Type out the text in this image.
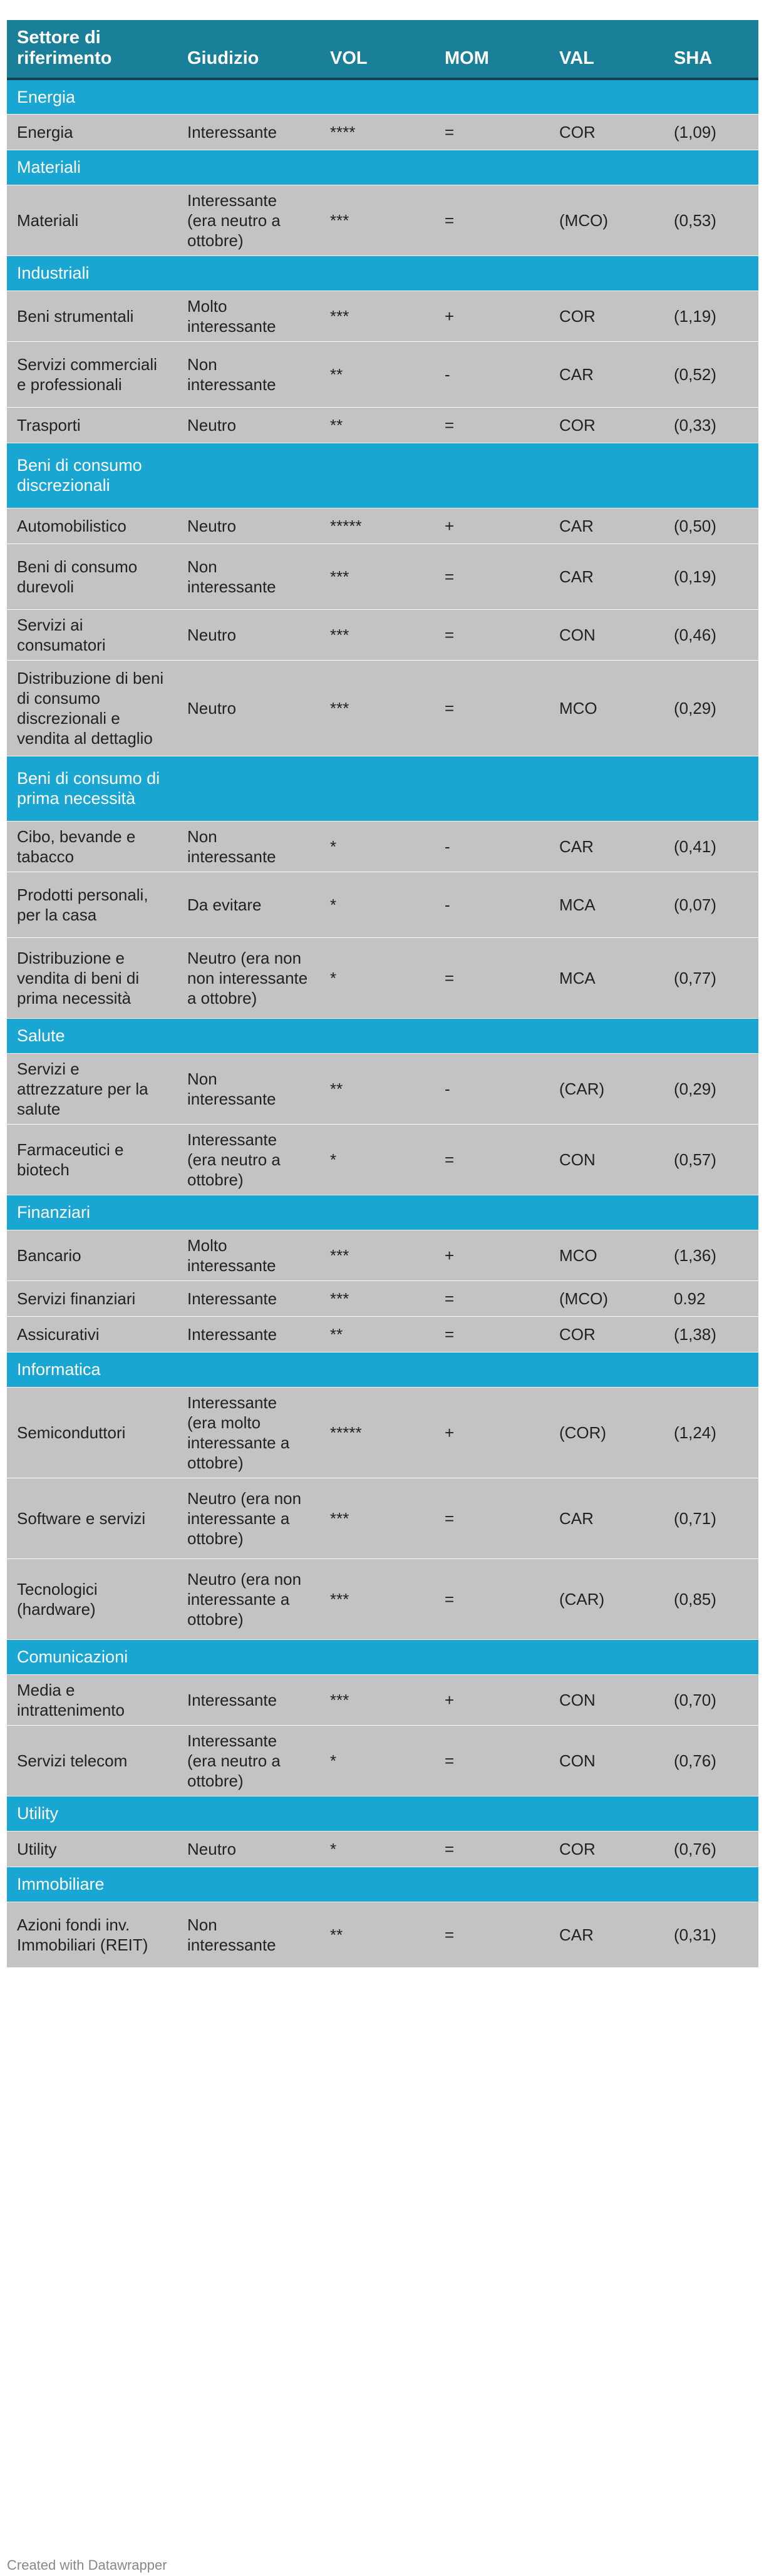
Settore di riferimento	Giudizio	VOL	MOM	VAL	SHA
Energia					
Energia	Interessante	****	=	COR	(1,09)
Materiali					
Materiali	Interessante (era neutro a ottobre)	***	=	(MCO)	(0,53)
Industriali					
Beni strumentali	Molto interessante	***	+	COR	(1,19)
Servizi commerciali e professionali	Non interessante	**	-	CAR	(0,52)
Trasporti	Neutro	**	=	COR	(0,33)
Beni di consumo discrezionali					
Automobilistico	Neutro	*****	+	CAR	(0,50)
Beni di consumo durevoli	Non interessante	***	=	CAR	(0,19)
Servizi ai consumatori	Neutro	***	=	CON	(0,46)
Distribuzione di beni di consumo discrezionali e vendita al dettaglio	Neutro	***	=	MCO	(0,29)
Beni di consumo di prima necessità					
Cibo, bevande e tabacco	Non interessante	*	-	CAR	(0,41)
Prodotti personali, per la casa	Da evitare	*	-	MCA	(0,07)
Distribuzione e vendita di beni di prima necessità	Neutro (era non non interessante a ottobre)	*	=	MCA	(0,77)
Salute					
Servizi e attrezzature per la salute	Non interessante	**	-	(CAR)	(0,29)
Farmaceutici e biotech	Interessante (era neutro a ottobre)	*	=	CON	(0,57)
Finanziari					
Bancario	Molto interessante	***	+	MCO	(1,36)
Servizi finanziari	Interessante	***	=	(MCO)	0.92
Assicurativi	Interessante	**	=	COR	(1,38)
Informatica					
Semiconduttori	Interessante (era molto interessante a ottobre)	*****	+	(COR)	(1,24)
Software e servizi	Neutro (era non interessante a ottobre)	***	=	CAR	(0,71)
Tecnologici (hardware)	Neutro (era non interessante a ottobre)	***	=	(CAR)	(0,85)
Comunicazioni					
Media e intrattenimento	Interessante	***	+	CON	(0,70)
Servizi telecom	Interessante (era neutro a ottobre)	*	=	CON	(0,76)
Utility					
Utility	Neutro	*	=	COR	(0,76)
Immobiliare					
Azioni fondi inv. Immobiliari (REIT)	Non interessante	**	=	CAR	(0,31)
Created with Datawrapper
